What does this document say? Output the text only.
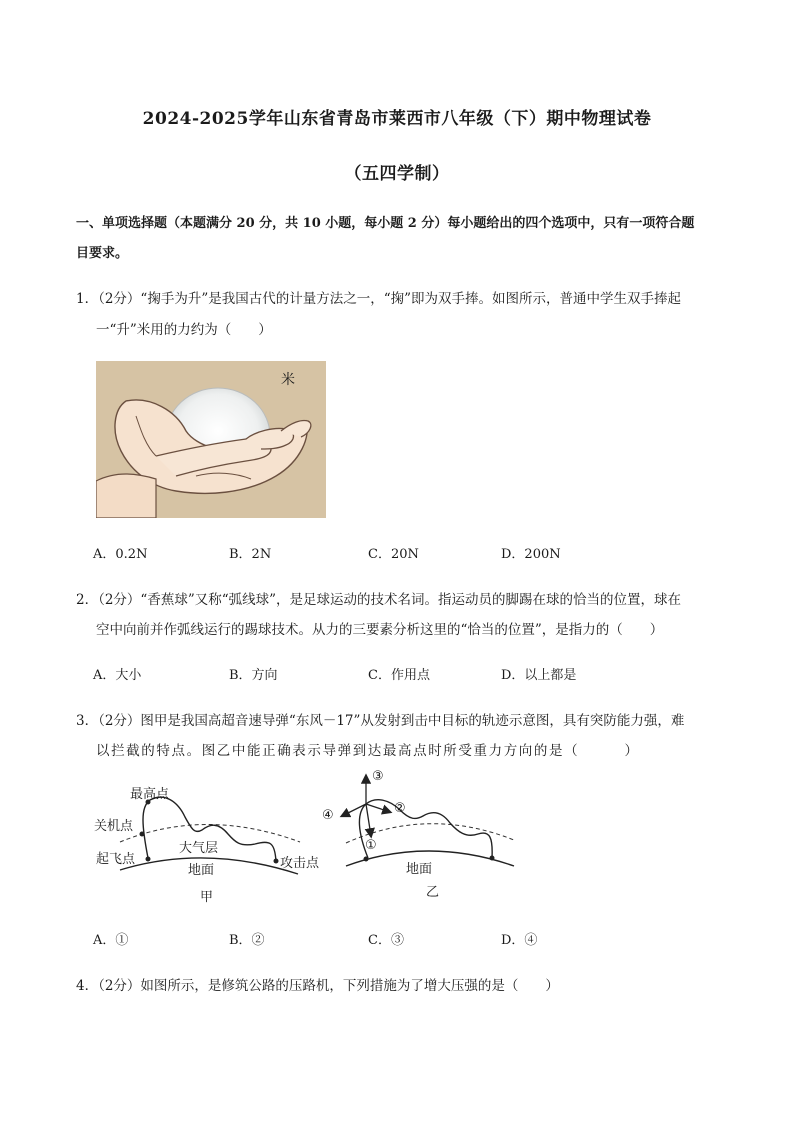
2024-2025学年山东省青岛市莱西市八年级（下）期中物理试卷
（五四学制）
一、单项选择题（本题满分 20 分，共 10 小题，每小题 2 分）每小题给出的四个选项中，只有一项符合题
目要求。
1．（2分）“掬手为升”是我国古代的计量方法之一，“掬”即为双手捧。如图所示，普通中学生双手捧起
一“升”米用的力约为（　　）
米
A．0.2N	B．2N	C．20N	D．200N
2．（2分）“香蕉球”又称“弧线球”，是足球运动的技术名词。指运动员的脚踢在球的恰当的位置，球在
空中向前并作弧线运行的踢球技术。从力的三要素分析这里的“恰当的位置”，是指力的（　　）
A．大小	B．方向	C．作用点	D．以上都是
3．（2分）图甲是我国高超音速导弹“东风－17”从发射到击中目标的轨迹示意图，具有突防能力强，难
以拦截的特点。图乙中能正确表示导弹到达最高点时所受重力方向的是（　　　）
最高点
关机点
起飞点
大气层
地面	攻击点
甲
③
②
④
①
地面
乙
A．①	B．②	C．③	D．④
4．（2分）如图所示，是修筑公路的压路机，下列措施为了增大压强的是（　　）
